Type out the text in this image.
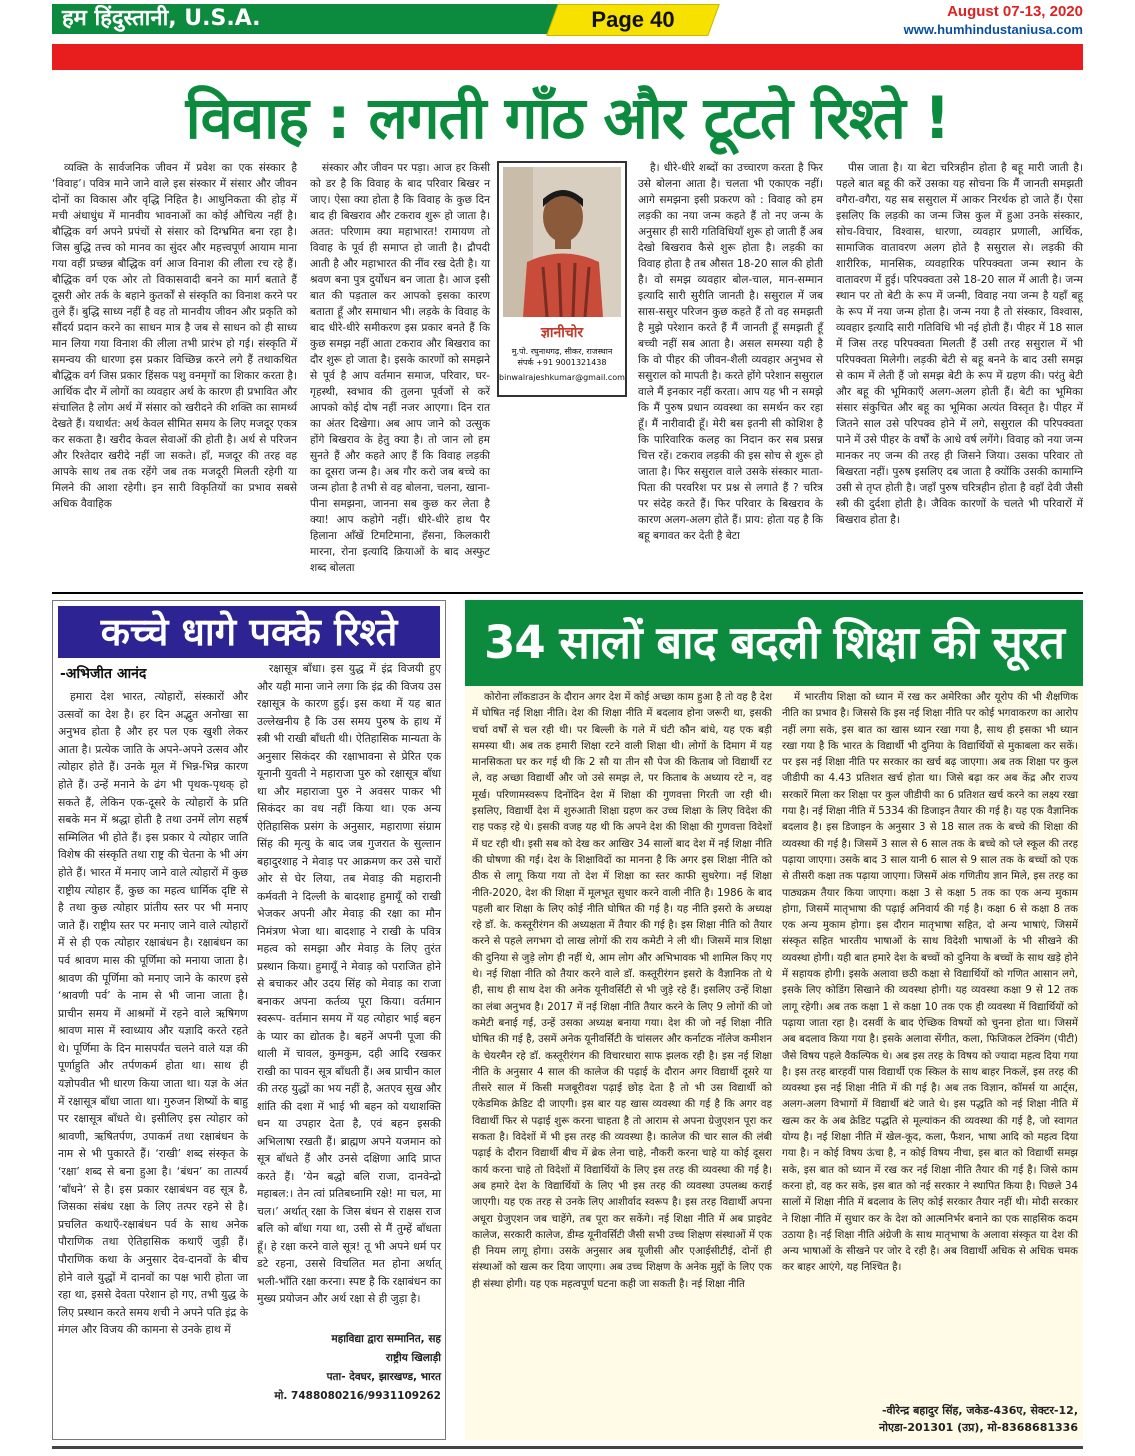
हम हिंदुस्तानी, U.S.A.	Page 40	August 07-13, 2020
www.humhindustaniusa.com
विवाह : लगती गाँठ और टूटते रिश्ते !

व्यक्ति के सार्वजनिक जीवन में प्रवेश का एक संस्कार है ‘विवाह’। पवित्र माने जाने वाले इस संस्कार में संसार और जीवन दोनों का विकास और वृद्धि निहित है। आधुनिकता की होड़ में मची अंधाधुंध में मानवीय भावनाओं का कोई औचित्य नहीं है। बौद्धिक वर्ग अपने प्रपंचों से संसार को दिग्भ्रमित बना रहा है। जिस बुद्धि तत्त्व को मानव का सुंदर और महत्त्वपूर्ण आयाम माना गया वहीं प्रच्छन्न बौद्धिक वर्ग आज विनाश की लीला रच रहे हैं। बौद्धिक वर्ग एक ओर तो विकासवादी बनने का मार्ग बताते हैं दूसरी ओर तर्क के बहाने कुतर्कों से संस्कृति का विनाश करने पर तुले हैं। बुद्धि साध्य नहीं है वह तो मानवीय जीवन और प्रकृति को सौंदर्य प्रदान करने का साधन मात्र है जब से साधन को ही साध्य मान लिया गया विनाश की लीला तभी प्रारंभ हो गई। संस्कृति में समन्वय की धारणा इस प्रकार विच्छिन्न करने लगे हैं तथाकथित बौद्धिक वर्ग जिस प्रकार हिंसक पशु वनमृगों का शिकार करता है। आर्थिक दौर में लोगों का व्यवहार अर्थ के कारण ही प्रभावित और संचालित है लोग अर्थ में संसार को खरीदने की शक्ति का सामर्थ्य देखते हैं। यथार्थत: अर्थ केवल सीमित समय के लिए मजदूर एकत्र कर सकता है। खरीद केवल सेवाओं की होती है। अर्थ से परिजन और रिश्तेदार खरीदे नहीं जा सकते। हाँ, मजदूर की तरह वह आपके साथ तब तक रहेंगे जब तक मजदूरी मिलती रहेगी या मिलने की आशा रहेगी। इन सारी विकृतियों का प्रभाव सबसे अधिक वैवाहिक

संस्कार और जीवन पर पड़ा। आज हर किसी को डर है कि विवाह के बाद परिवार बिखर न जाए। ऐसा क्या होता है कि विवाह के कुछ दिन बाद ही बिखराव और टकराव शुरू हो जाता है। अतत: परिणाम क्या महाभारत! रामायण तो विवाह के पूर्व ही समाप्त हो जाती है। द्रौपदी आती है और महाभारत की नींव रख देती है। या श्रवण बना पुत्र दुर्योधन बन जाता है। आज इसी बात की पड़ताल कर आपको इसका कारण बताता हूँ और समाधान भी। लड़के के विवाह के बाद धीरे-धीरे समीकरण इस प्रकार बनते हैं कि कुछ समझ नहीं आता टकराव और बिखराव का दौर शुरू हो जाता है। इसके कारणों को समझने से पूर्व है आप वर्तमान समाज, परिवार, घर-गृहस्थी, स्वभाव की तुलना पूर्वजों से करें आपको कोई दोष नहीं नजर आएगा। दिन रात का अंतर दिखेगा। अब आप जाने को उत्सुक होंगे बिखराव के हेतु क्या है। तो जान लो हम सुनते हैं और कहते आए हैं कि विवाह लड़की का दूसरा जन्म है। अब गौर करो जब बच्चे का जन्म होता है तभी से वह बोलना, चलना, खाना-पीना समझना, जानना सब कुछ कर लेता है क्या! आप कहोगे नहीं। धीरे-धीरे हाथ पैर हिलाना आँखें टिमटिमाना, हँसना, किलकारी मारना, रोना इत्यादि क्रियाओं के बाद अस्फुट शब्द बोलता

ज्ञानीचोर
मु.पो. रघुनाथगढ़, सीकर, राजस्थान
संपर्क +91 9001321438
binwalrajeshkumar@gmail.com

है। धीरे-धीरे शब्दों का उच्चारण करता है फिर उसे बोलना आता है। चलता भी एकाएक नहीं। आगे समझना इसी प्रकरण को : विवाह को हम लड़की का नया जन्म कहते हैं तो नए जन्म के अनुसार ही सारी गतिविधियाँ शुरू हो जाती हैं अब देखो बिखराव कैसे शुरू होता है। लड़की का विवाह होता है तब औसत 18-20 साल की होती है। वो समझ व्यवहार बोल-चाल, मान-सम्मान इत्यादि सारी सुरीति जानती है। ससुराल में जब सास-ससुर परिजन कुछ कहते हैं तो वह समझती है मुझे परेशान करते हैं मैं जानती हूँ समझती हूँ बच्ची नहीं सब आता है। असल समस्या यही है कि वो पीहर की जीवन-शैली व्यवहार अनुभव से ससुराल को मापती है। करते होंगे परेशान ससुराल वाले मैं इनकार नहीं करता। आप यह भी न समझे कि मैं पुरुष प्रधान व्यवस्था का समर्थन कर रहा हूँ। मैं नारीवादी हूँ। मेरी बस इतनी सी कोशिश है कि पारिवारिक कलह का निदान कर सब प्रसन्न चित्त रहें। टकराव लड़की की इस सोच से शुरू हो जाता है। फिर ससुराल वाले उसके संस्कार माता-पिता की परवरिश पर प्रश्न से लगाते हैं ? चरित्र पर संदेह करते हैं। फिर परिवार के बिखराव के कारण अलग-अलग होते हैं। प्राय: होता यह है कि बहू बगावत कर देती है बेटा

पीस जाता है। या बेटा चरित्रहीन होता है बहू मारी जाती है। पहले बात बहू की करें उसका यह सोचना कि मैं जानती समझती वगैरा-वगैरा, यह सब ससुराल में आकर निरर्थक हो जाते हैं। ऐसा इसलिए कि लड़की का जन्म जिस कुल में हुआ उनके संस्कार, सोच-विचार, विश्वास, धारणा, व्यवहार प्रणाली, आर्थिक, सामाजिक वातावरण अलग होते है ससुराल से। लड़की की शारीरिक, मानसिक, व्यवहारिक परिपक्वता जन्म स्थान के वातावरण में हुई। परिपक्वता उसे 18-20 साल में आती है। जन्म स्थान पर तो बेटी के रूप में जन्मी, विवाह नया जन्म है यहाँ बहू के रूप में नया जन्म होता है। जन्म नया है तो संस्कार, विश्वास, व्यवहार इत्यादि सारी गतिविधि भी नई होती हैं। पीहर में 18 साल में जिस तरह परिपक्वता मिलती हैं उसी तरह ससुराल में भी परिपक्वता मिलेगी। लड़की बेटी से बहू बनने के बाद उसी समझ से काम में लेती हैं जो समझ बेटी के रूप में ग्रहण की। परंतु बेटी और बहू की भूमिकाएँ अलग-अलग होती हैं। बेटी का भूमिका संसार संकुचित और बहू का भूमिका अत्यंत विस्तृत है। पीहर में जितने साल उसे परिपक्व होने में लगे, ससुराल की परिपक्वता पाने में उसे पीहर के वर्षों के आधे वर्ष लगेंगे। विवाह को नया जन्म मानकर नए जन्म की तरह ही जिसने जिया। उसका परिवार तो बिखरता नहीं। पुरुष इसलिए दब जाता है क्योंकि उसकी कामाग्नि उसी से तृप्त होती है। जहाँ पुरुष चरित्रहीन होता है वहाँ देवी जैसी स्त्री की दुर्दशा होती है। जैविक कारणों के चलते भी परिवारों में बिखराव होता है।

कच्चे धागे पक्के रिश्ते
-अभिजीत आनंद

हमारा देश भारत, त्योहारों, संस्कारों और उत्सवों का देश है। हर दिन अद्भुत अनोखा सा अनुभव होता है और हर पल एक खुशी लेकर आता है। प्रत्येक जाति के अपने-अपने उत्सव और त्योहार होते हैं। उनके मूल में भिन्न-भिन्न कारण होते हैं। उन्हें मनाने के ढंग भी पृथक-पृथक् हो सकते हैं, लेकिन एक-दूसरे के त्योहारों के प्रति सबके मन में श्रद्धा होती है तथा उनमें लोग सहर्ष सम्मिलित भी होते हैं। इस प्रकार ये त्योहार जाति विशेष की संस्कृति तथा राष्ट्र की चेतना के भी अंग होते हैं। भारत में मनाए जाने वाले त्योहारों में कुछ राष्ट्रीय त्योहार हैं, कुछ का महत्व धार्मिक दृष्टि से है तथा कुछ त्योहार प्रांतीय स्तर पर भी मनाए जाते हैं। राष्ट्रीय स्तर पर मनाए जाने वाले त्योहारों में से ही एक त्योहार रक्षाबंधन है। रक्षाबंधन का पर्व श्रावण मास की पूर्णिमा को मनाया जाता है। श्रावण की पूर्णिमा को मनाए जाने के कारण इसे ‘श्रावणी पर्व’ के नाम से भी जाना जाता है। प्राचीन समय में आश्रमों में रहने वाले ऋषिगण श्रावण मास में स्वाध्याय और यज्ञादि करते रहते थे। पूर्णिमा के दिन मासपर्यंत चलने वाले यज्ञ की पूर्णाहुति और तर्पणकर्म होता था। साथ ही यज्ञोपवीत भी धारण किया जाता था। यज्ञ के अंत में रक्षासूत्र बाँधा जाता था। गुरुजन शिष्यों के बाहु पर रक्षासूत्र बाँधते थे। इसीलिए इस त्योहार को श्रावणी, ऋषितर्पण, उपाकर्म तथा रक्षाबंधन के नाम से भी पुकारते हैं। ‘राखी’ शब्द संस्कृत के ‘रक्षा’ शब्द से बना हुआ है। ‘बंधन’ का तात्पर्य ‘बाँधने’ से है। इस प्रकार रक्षाबंधन वह सूत्र है, जिसका संबंध रक्षा के लिए तत्पर रहने से है। प्रचलित कथाएँ-रक्षाबंधन पर्व के साथ अनेक पौराणिक तथा ऐतिहासिक कथाएँ जुड़ी हैं। पौराणिक कथा के अनुसार देव-दानवों के बीच होने वाले युद्धों में दानवों का पक्ष भारी होता जा रहा था, इससे देवता परेशान हो गए, तभी युद्ध के लिए प्रस्थान करते समय शची ने अपने पति इंद्र के मंगल और विजय की कामना से उनके हाथ में

रक्षासूत्र बाँधा। इस युद्ध में इंद्र विजयी हुए और यही माना जाने लगा कि इंद्र की विजय उस रक्षासूत्र के कारण हुई। इस कथा में यह बात उल्लेखनीय है कि उस समय पुरुष के हाथ में स्त्री भी राखी बाँधती थी। ऐतिहासिक मान्यता के अनुसार सिकंदर की रक्षाभावना से प्रेरित एक यूनानी युवती ने महाराजा पुरु को रक्षासूत्र बाँधा था और महाराजा पुरु ने अवसर पाकर भी सिकंदर का वध नहीं किया था। एक अन्य ऐतिहासिक प्रसंग के अनुसार, महाराणा संग्राम सिंह की मृत्यु के बाद जब गुजरात के सुल्तान बहादुरशाह ने मेवाड़ पर आक्रमण कर उसे चारों ओर से घेर लिया, तब मेवाड़ की महारानी कर्मवती ने दिल्ली के बादशाह हुमायूँ को राखी भेजकर अपनी और मेवाड़ की रक्षा का मौन निमंत्रण भेजा था। बादशाह ने राखी के पवित्र महत्व को समझा और मेवाड़ के लिए तुरंत प्रस्थान किया। हुमायूँ ने मेवाड़ को पराजित होने से बचाकर और उदय सिंह को मेवाड़ का राजा बनाकर अपना कर्तव्य पूरा किया। वर्तमान स्वरूप- वर्तमान समय में यह त्योहार भाई बहन के प्यार का द्योतक है। बहनें अपनी पूजा की थाली में चावल, कुमकुम, दही आदि रखकर राखी का पावन सूत्र बाँधती हैं। अब प्राचीन काल की तरह युद्धों का भय नहीं है, अतएव सुख और शांति की दशा में भाई भी बहन को यथाशक्ति धन या उपहार देता है, एवं बहन इसकी अभिलाषा रखती हैं। ब्राह्मण अपने यजमान को सूत्र बाँधते हैं और उनसे दक्षिणा आदि प्राप्त करते हैं। ‘येन बद्धो बलि राजा, दानवेन्द्रो महाबल:। तेन त्वां प्रतिबध्नामि रक्षे! मा चल, मा चल।’ अर्थात् रक्षा के जिस बंधन से राक्षस राज बलि को बाँधा गया था, उसी से मैं तुम्हें बाँधता हूँ। हे रक्षा करने वाले सूत्र! तू भी अपने धर्म पर डटे रहना, उससे विचलित मत होना अर्थात् भली-भाँति रक्षा करना। स्पष्ट है कि रक्षाबंधन का मुख्य प्रयोजन और अर्थ रक्षा से ही जुड़ा है।

महाविद्या द्वारा सम्मानित, सह
राष्ट्रीय खिलाड़ी
पता- देवघर, झारखण्ड, भारत
मो. 7488080216/9931109262
34 सालों बाद बदली शिक्षा की सूरत

कोरोना लॉकडाउन के दौरान अगर देश में कोई अच्छा काम हुआ है तो वह है देश में घोषित नई शिक्षा नीति। देश की शिक्षा नीति में बदलाव होना जरूरी था, इसकी चर्चा वर्षों से चल रही थी। पर बिल्ली के गले में घंटी कौन बांधे, यह एक बड़ी समस्या थी। अब तक हमारी शिक्षा रटने वाली शिक्षा थी। लोगों के दिमाग में यह मानसिकता घर कर गई थी कि 2 सौ या तीन सौ पेज की किताब जो विद्यार्थी रट ले, वह अच्छा विद्यार्थी और जो उसे समझ ले, पर किताब के अध्याय रटे न, वह मूर्ख। परिणामस्वरूप दिनोंदिन देश में शिक्षा की गुणवत्ता गिरती जा रही थी। इसलिए, विद्यार्थी देश में शुरुआती शिक्षा ग्रहण कर उच्च शिक्षा के लिए विदेश की राह पकड़ रहे थे। इसकी वजह यह थी कि अपने देश की शिक्षा की गुणवत्ता विदेशों में घट रही थी। इसी सब को देख कर आखिर 34 सालों बाद देश में नई शिक्षा नीति की घोषणा की गई। देश के शिक्षाविदों का मानना है कि अगर इस शिक्षा नीति को ठीक से लागू किया गया तो देश में शिक्षा का स्तर काफी सुधरेगा। नई शिक्षा नीति-2020, देश की शिक्षा में मूलभूत सुधार करने वाली नीति है। 1986 के बाद पहली बार शिक्षा के लिए कोई नीति घोषित की गई है। यह नीति इसरो के अध्यक्ष रहे डाॅ. के. कस्तूरीरंगन की अध्यक्षता में तैयार की गई है। इस शिक्षा नीति को तैयार करने से पहले लगभग दो लाख लोगों की राय कमेटी ने ली थी। जिसमें मात्र शिक्षा की दुनिया से जुड़े लोग ही नहीं थे, आम लोग और अभिभावक भी शामिल किए गए थे। नई शिक्षा नीति को तैयार करने वाले डाॅ. कस्तूरीरंगन इसरो के वैज्ञानिक तो थे ही, साथ ही साथ देश की अनेक यूनीवर्सिटी से भी जुड़े रहे हैं। इसलिए उन्हें शिक्षा का लंबा अनुभव है। 2017 में नई शिक्षा नीति तैयार करने के लिए 9 लोगों की जो कमेटी बनाई गई, उन्हें उसका अध्यक्ष बनाया गया। देश की जो नई शिक्षा नीति घोषित की गई है, उसमें अनेक यूनीवर्सिटी के चांसलर और कर्नाटक नॉलेज कमीशन के चेयरमैन रहे डाॅ. कस्तूरीरंगन की विचारधारा साफ झलक रही है। इस नई शिक्षा नीति के अनुसार 4 साल की कालेज की पढ़ाई के दौरान अगर विद्यार्थी दूसरे या तीसरे साल में किसी मजबूरीवश पढ़ाई छोड़ देता है तो भी उस विद्यार्थी को एकेडमिक क्रेडिट दी जाएगी। इस बार यह खास व्यवस्था की गई है कि अगर वह विद्यार्थी फिर से पढ़ाई शुरू करना चाहता है तो आराम से अपना ग्रेजुएशन पूरा कर सकता है। विदेशों में भी इस तरह की व्यवस्था है। कालेज की चार साल की लंबी पढ़ाई के दौरान विद्यार्थी बीच में ब्रेक लेना चाहे, नौकरी करना चाहे या कोई दूसरा कार्य करना चाहे तो विदेशों में विद्यार्थियों के लिए इस तरह की व्यवस्था की गई है। अब हमारे देश के विद्यार्थियों के लिए भी इस तरह की व्यवस्था उपलब्ध कराई जाएगी। यह एक तरह से उनके लिए आशीर्वाद स्वरूप है। इस तरह विद्यार्थी अपना अधूरा ग्रेजुएशन जब चाहेंगे, तब पूरा कर सकेंगे। नई शिक्षा नीति में अब प्राइवेट कालेज, सरकारी कालेज, डीम्ड यूनीवर्सिटी जैसी सभी उच्च शिक्षण संस्थाओं में एक ही नियम लागू होगा। उसके अनुसार अब यूजीसी और एआईसीटीई, दोनों ही संस्थाओं को खत्म कर दिया जाएगा। अब उच्च शिक्षण के अनेक मुद्दों के लिए एक ही संस्था होगी। यह एक महत्वपूर्ण घटना कही जा सकती है। नई शिक्षा नीति

में भारतीय शिक्षा को ध्यान में रख कर अमेरिका और यूरोप की भी शैक्षणिक नीति का प्रभाव है। जिससे कि इस नई शिक्षा नीति पर कोई भगवाकरण का आरोप नहीं लगा सके, इस बात का खास ध्यान रखा गया है, साथ ही इसका भी ध्यान रखा गया है कि भारत के विद्यार्थी भी दुनिया के विद्यार्थियों से मुकाबला कर सकें। पर इस नई शिक्षा नीति पर सरकार का खर्च बढ़ जाएगा। अब तक शिक्षा पर कुल जीडीपी का 4.43 प्रतिशत खर्च होता था। जिसे बढ़ा कर अब केंद्र और राज्य सरकारें मिला कर शिक्षा पर कुल जीडीपी का 6 प्रतिशत खर्च करने का लक्ष्य रखा गया है। नई शिक्षा नीति में 5334 की डिजाइन तैयार की गई है। यह एक वैज्ञानिक बदलाव है। इस डिजाइन के अनुसार 3 से 18 साल तक के बच्चे की शिक्षा की व्यवस्था की गई है। जिसमें 3 साल से 6 साल तक के बच्चे को प्ले स्कूल की तरह पढ़ाया जाएगा। उसके बाद 3 साल यानी 6 साल से 9 साल तक के बच्चों को एक से तीसरी कक्षा तक पढ़ाया जाएगा। जिसमें अंक गणितीय ज्ञान मिले, इस तरह का पाठ्यक्रम तैयार किया जाएगा। कक्षा 3 से कक्षा 5 तक का एक अन्य मुकाम होगा, जिसमें मातृभाषा की पढ़ाई अनिवार्य की गई है। कक्षा 6 से कक्षा 8 तक एक अन्य मुकाम होगा। इस दौरान मातृभाषा सहित, दो अन्य भाषाएं, जिसमें संस्कृत सहित भारतीय भाषाओं के साथ विदेशी भाषाओं के भी सीखने की व्यवस्था होगी। यही बात हमारे देश के बच्चों को दुनिया के बच्चों के साथ खड़े होने में सहायक होगी। इसके अलावा छठी कक्षा से विद्यार्थियों को गणित आसान लगे, इसके लिए कोडिंग सिखाने की व्यवस्था होगी। यह व्यवस्था कक्षा 9 से 12 तक लागू रहेगी। अब तक कक्षा 1 से कक्षा 10 तक एक ही व्यवस्था में विद्यार्थियों को पढ़ाया जाता रहा है। दसवीं के बाद ऐच्छिक विषयों को चुनना होता था। जिसमें अब बदलाव किया गया है। इसके अलावा सेंगीत, कला, फिजिकल टेक्निंग (पीटी) जैसे विषय पहले वैकल्पिक थे। अब इस तरह के विषय को ज्यादा महत्व दिया गया है। इस तरह बारहवीं पास विद्यार्थी एक स्किल के साथ बाहर निकलें, इस तरह की व्यवस्था इस नई शिक्षा नीति में की गई है। अब तक विज्ञान, कॉमर्स या आर्ट्स, अलग-अलग विभागों में विद्यार्थी बंटे जाते थे। इस पद्धति को नई शिक्षा नीति में खत्म कर के अब क्रेडिट पद्धति से मूल्यांकन की व्यवस्था की गई है, जो स्वागत योग्य है। नई शिक्षा नीति में खेल-कूद, कला, फैशन, भाषा आदि को महत्व दिया गया है। न कोई विषय ऊंचा है, न कोई विषय नीचा, इस बात को विद्यार्थी समझ सके, इस बात को ध्यान में रख कर नई शिक्षा नीति तैयार की गई है। जिसे काम करना हो, वह कर सके, इस बात को नई सरकार ने स्थापित किया है। पिछले 34 सालों में शिक्षा नीति में बदलाव के लिए कोई सरकार तैयार नहीं थी। मोदी सरकार ने शिक्षा नीति में सुधार कर के देश को आत्मनिर्भर बनाने का एक साहसिक कदम उठाया है। नई शिक्षा नीति अंग्रेजी के साथ मातृभाषा के अलावा संस्कृत या देश की अन्य भाषाओं के सीखने पर जोर दे रही है। अब विद्यार्थी अधिक से अधिक चमक कर बाहर आएंगे, यह निश्चित है।

-वीरेन्द्र बहादुर सिंह, जकेड-436ए, सेक्टर-12,
नोएडा-201301 (उप्र), मो-8368681336
